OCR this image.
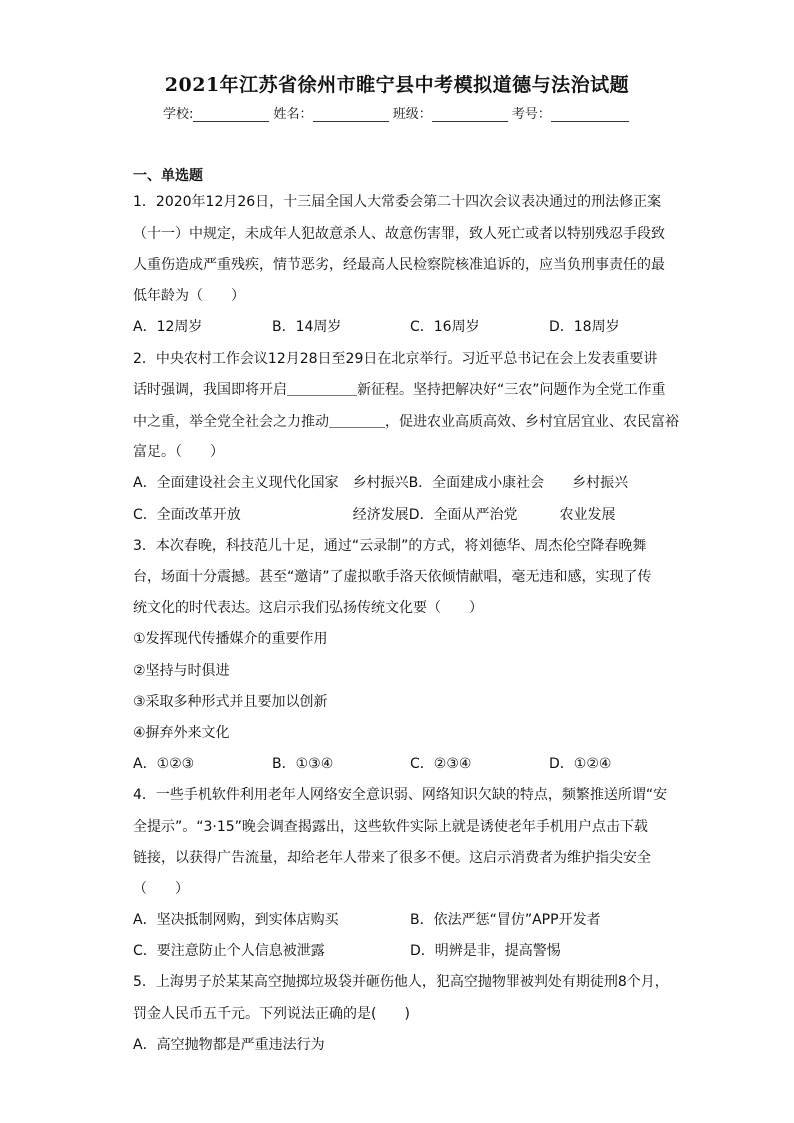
2021年江苏省徐州市睢宁县中考模拟道德与法治试题
学校:	姓名：	班级：	考号：
一、单选题
1．2020年12月26日，十三届全国人大常委会第二十四次会议表决通过的刑法修正案
（十一）中规定，未成年人犯故意杀人、故意伤害罪，致人死亡或者以特别残忍手段致
人重伤造成严重残疾，情节恶劣，经最高人民检察院核准追诉的，应当负刑事责任的最
低年龄为（　　）
A．12周岁	B．14周岁	C．16周岁	D．18周岁
2．中央农村工作会议12月28日至29日在北京举行。习近平总书记在会上发表重要讲
话时强调，我国即将开启＿＿＿＿＿新征程。坚持把解决好“三农”问题作为全党工作重
中之重，举全党全社会之力推动＿＿＿＿，促进农业高质高效、乡村宜居宜业、农民富裕
富足。（　　）
A．全面建设社会主义现代化国家　乡村振兴B．全面建成小康社会　　乡村振兴
C．全面改革开放　　　　　　　　经济发展D．全面从严治党　　　农业发展
3．本次春晚，科技范儿十足，通过“云录制”的方式，将刘德华、周杰伦空降春晚舞
台，场面十分震撼。甚至“邀请”了虚拟歌手洛天依倾情献唱，毫无违和感，实现了传
统文化的时代表达。这启示我们弘扬传统文化要（　　）
①发挥现代传播媒介的重要作用
②坚持与时俱进
③采取多种形式并且要加以创新
④摒弃外来文化
A．①②③	B．①③④	C．②③④	D．①②④
4．一些手机软件利用老年人网络安全意识弱、网络知识欠缺的特点，频繁推送所谓“安
全提示”。“3·15”晚会调查揭露出，这些软件实际上就是诱使老年手机用户点击下载
链接，以获得广告流量，却给老年人带来了很多不便。这启示消费者为维护指尖安全
（　　）
A．坚决抵制网购，到实体店购买	B．依法严惩“冒仿”APP开发者
C．要注意防止个人信息被泄露	D．明辨是非，提高警惕
5．上海男子於某某高空抛掷垃圾袋并砸伤他人，犯高空抛物罪被判处有期徒刑8个月，
罚金人民币五千元。下列说法正确的是(　　)
A．高空抛物都是严重违法行为
